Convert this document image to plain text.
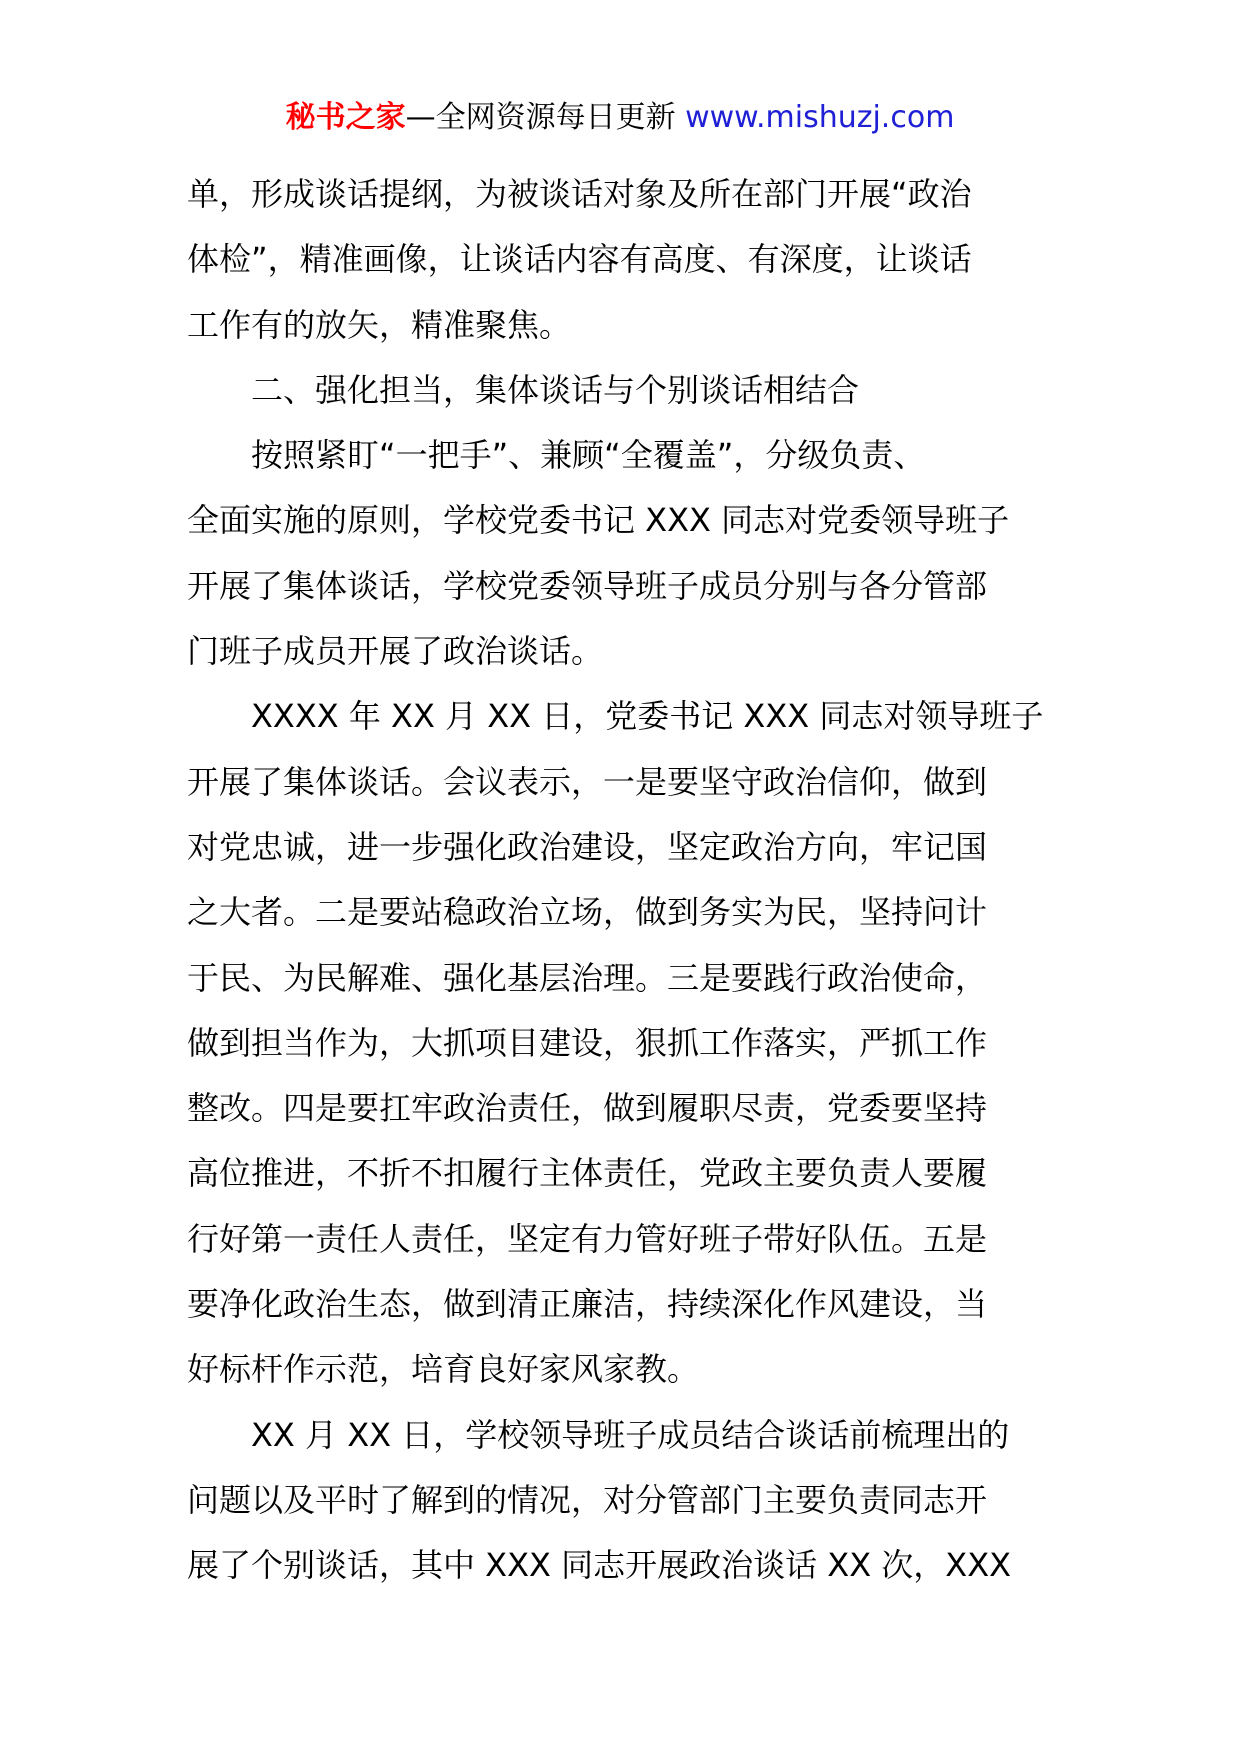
秘书之家—全网资源每日更新 www.mishuzj.com
单，形成谈话提纲，为被谈话对象及所在部门开展“政治
体检”，精准画像，让谈话内容有高度、有深度，让谈话
工作有的放矢，精准聚焦。
二、强化担当，集体谈话与个别谈话相结合
按照紧盯“一把手”、兼顾“全覆盖”，分级负责、
全面实施的原则，学校党委书记 XXX 同志对党委领导班子
开展了集体谈话，学校党委领导班子成员分别与各分管部
门班子成员开展了政治谈话。
XXXX 年 XX 月 XX 日，党委书记 XXX 同志对领导班子
开展了集体谈话。会议表示，一是要坚守政治信仰，做到
对党忠诚，进一步强化政治建设，坚定政治方向，牢记国
之大者。二是要站稳政治立场，做到务实为民，坚持问计
于民、为民解难、强化基层治理。三是要践行政治使命，
做到担当作为，大抓项目建设，狠抓工作落实，严抓工作
整改。四是要扛牢政治责任，做到履职尽责，党委要坚持
高位推进，不折不扣履行主体责任，党政主要负责人要履
行好第一责任人责任，坚定有力管好班子带好队伍。五是
要净化政治生态，做到清正廉洁，持续深化作风建设，当
好标杆作示范，培育良好家风家教。
XX 月 XX 日，学校领导班子成员结合谈话前梳理出的
问题以及平时了解到的情况，对分管部门主要负责同志开
展了个别谈话，其中 XXX 同志开展政治谈话 XX 次，XXX
